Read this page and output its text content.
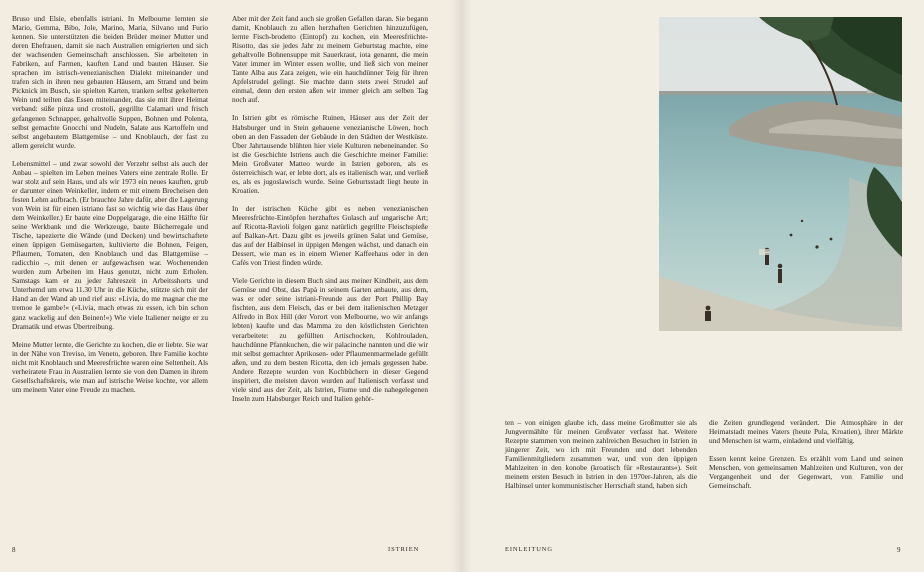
Bruso und Elsie, ebenfalls istriani. In Melbourne lernten sie Mario, Gemma, Bibo, Jole, Marino, Maria, Silvano und Furio kennen. Sie unterstützten die beiden Brüder meiner Mutter und deren Ehefrauen, damit sie nach Australien emigrierten und sich der wachsenden Gemeinschaft anschlossen. Sie arbeiteten in Fabriken, auf Farmen, kauften Land und bauten Häuser. Sie sprachen im istrisch-venezianischen Dialekt miteinander und trafen sich in ihren neu gebauten Häusern, am Strand und beim Picknick im Busch, sie spielten Karten, tranken selbst gekelterten Wein und teilten das Essen miteinander, das sie mit ihrer Heimat verband: süße pinza und crostoli, gegrillte Calamari und frisch gefangenen Schnapper, gehaltvolle Suppen, Bohnen und Polenta, selbst gemachte Gnocchi und Nudeln, Salate aus Kartoffeln und selbst angebautem Blattgemüse – und Knoblauch, der fast zu allem gereicht wurde.

Lebensmittel – und zwar sowohl der Verzehr selbst als auch der Anbau – spielten im Leben meines Vaters eine zentrale Rolle. Er war stolz auf sein Haus, und als wir 1973 ein neues kauften, grub er darunter einen Weinkeller, indem er mit einem Brecheisen den festen Lehm aufbrach. (Er brauchte Jahre dafür, aber die Lagerung von Wein ist für einen istriano fast so wichtig wie das Haus über dem Weinkeller.) Er baute eine Doppelgarage, die eine Hälfte für seine Werkbank und die Werkzeuge, baute Bücherregale und Tische, tapezierte die Wände (und Decken) und bewirtschaftete einen üppigen Gemüsegarten, kultivierte die Bohnen, Feigen, Pflaumen, Tomaten, den Knoblauch und das Blattgemüse – radicchio –, mit denen er aufgewachsen war. Wochenenden wurden zum Arbeiten im Haus genutzt, nicht zum Erholen. Samstags kam er zu jeder Jahreszeit in Arbeitsshorts und Unterhemd um etwa 11.30 Uhr in die Küche, stützte sich mit der Hand an der Wand ab und rief aus: »Livia, do me magnar che me tremoe le gambe!« (»Livia, mach etwas zu essen, ich bin schon ganz wackelig auf den Beinen!«) Wie viele Italiener neigte er zu Dramatik und etwas Übertreibung.

Meine Mutter lernte, die Gerichte zu kochen, die er liebte. Sie war in der Nähe von Treviso, im Veneto, geboren. Ihre Familie kochte nicht mit Knoblauch und Meeresfrüchte waren eine Seltenheit. Als verheiratete Frau in Australien lernte sie von den Damen in ihrem Gesellschaftskreis, wie man auf istrische Weise kochte, vor allem um meinem Vater eine Freude zu machen.

Aber mit der Zeit fand auch sie großen Gefallen daran. Sie begann damit, Knoblauch zu allen herzhaften Gerichten hinzuzufügen, lernte Fisch-brodetto (Eintopf) zu kochen, ein Meeresfrüchte-Risotto, das sie jedes Jahr zu meinem Geburtstag machte, eine gehaltvolle Bohnensuppe mit Sauerkraut, iota genannt, die mein Vater immer im Winter essen wollte, und ließ sich von meiner Tante Alba aus Zara zeigen, wie ein hauchdünner Teig für ihren Apfelstrudel gelingt. Sie machte dann stets zwei Strudel auf einmal, denn den ersten aßen wir immer gleich am selben Tag noch auf.

In Istrien gibt es römische Ruinen, Häuser aus der Zeit der Habsburger und in Stein gehauene venezianische Löwen, hoch oben an den Fassaden der Gebäude in den Städten der Westküste. Über Jahrtausende blühten hier viele Kulturen nebeneinander. So ist die Geschichte Istriens auch die Geschichte meiner Familie: Mein Großvater Matteo wurde in Istrien geboren, als es österreichisch war, er lebte dort, als es italienisch war, und verließ es, als es jugoslawisch wurde. Seine Geburtsstadt liegt heute in Kroatien.

In der istrischen Küche gibt es neben venezianischen Meeresfrüchte-Eintöpfen herzhaftes Gulasch auf ungarische Art; auf Ricotta-Ravioli folgen ganz natürlich gegrillte Fleischspieße auf Balkan-Art. Dazu gibt es jeweils grünen Salat und Gemüse, das auf der Halbinsel in üppigen Mengen wächst, und danach ein Dessert, wie man es in einem Wiener Kaffeehaus oder in den Cafés von Triest finden würde.

Viele Gerichte in diesem Buch sind aus meiner Kindheit, aus dem Gemüse und Obst, das Papà in seinem Garten anbaute, aus dem, was er oder seine istriani-Freunde aus der Port Phillip Bay fischten, aus dem Fleisch, das er bei dem italienischen Metzger Alfredo in Box Hill (der Vorort von Melbourne, wo wir anfangs lebten) kaufte und das Mamma zu den köstlichsten Gerichten verarbeitete: zu gefüllten Artischocken, Kohlrouladen, hauchdünne Pfannkuchen, die wir palacinche nannten und die wir mit selbst gemachter Aprikosen- oder Pflaumenmarmelade gefüllt aßen, und zu dem besten Ricotta, den ich jemals gegessen habe. Andere Rezepte wurden von Kochbüchern in dieser Gegend inspiriert, die meisten davon wurden auf Italienisch verfasst und viele sind aus der Zeit, als Istrien, Fiume und die nahegelegenen Inseln zum Habsburger Reich und Italien gehör-

ten – von einigen glaube ich, dass meine Großmutter sie als Jungvermählte für meinen Großvater verfasst hat. Weitere Rezepte stammen von meinen zahlreichen Besuchen in Istrien in jüngerer Zeit, wo ich mit Freunden und dort lebenden Familienmitgliedern zusammen war, und von den üppigen Mahlzeiten in den konobe (kroatisch für »Restaurants«). Seit meinem ersten Besuch in Istrien in den 1970er-Jahren, als die Halbinsel unter kommunistischer Herrschaft stand, haben sich

die Zeiten grundlegend verändert. Die Atmosphäre in der Heimatstadt meines Vaters (heute Pula, Kroatien), ihrer Märkte und Menschen ist warm, einladend und vielfältig.

Essen kennt keine Grenzen. Es erzählt vom Land und seinen Menschen, von gemeinsamen Mahlzeiten und Kulturen, von der Vergangenheit und der Gegenwart, von Familie und Gemeinschaft.

8	ISTRIEN	EINLEITUNG	9
